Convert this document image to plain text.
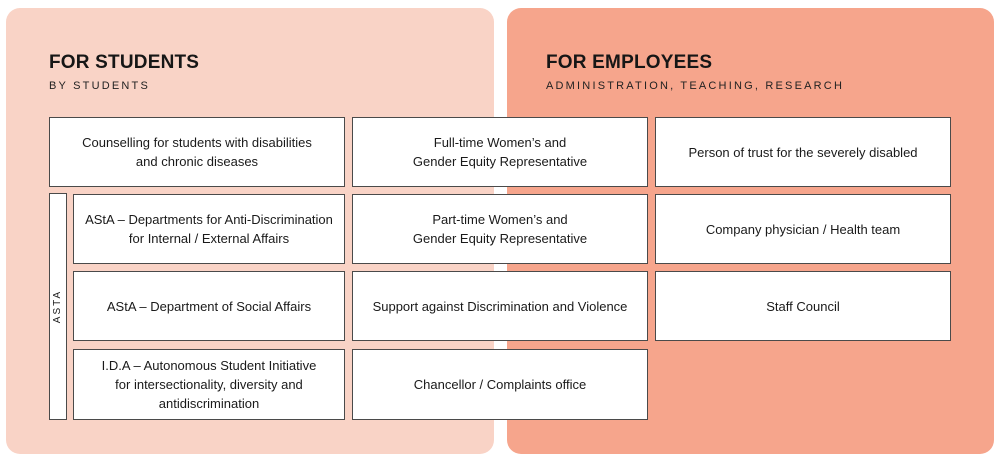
FOR STUDENTS
BY STUDENTS
FOR EMPLOYEES
ADMINISTRATION, TEACHING, RESEARCH
Counselling for students with disabilities
and chronic diseases
ASTA
AStA – Departments for Anti-Discrimination
for Internal / External Affairs
AStA – Department of Social Affairs
I.D.A – Autonomous Student Initiative
for intersectionality, diversity and
antidiscrimination
Full-time Women’s and
Gender Equity Representative
Part-time Women’s and
Gender Equity Representative
Support against Discrimination and Violence
Chancellor / Complaints office
Person of trust for the severely disabled
Company physician / Health team
Staff Council
